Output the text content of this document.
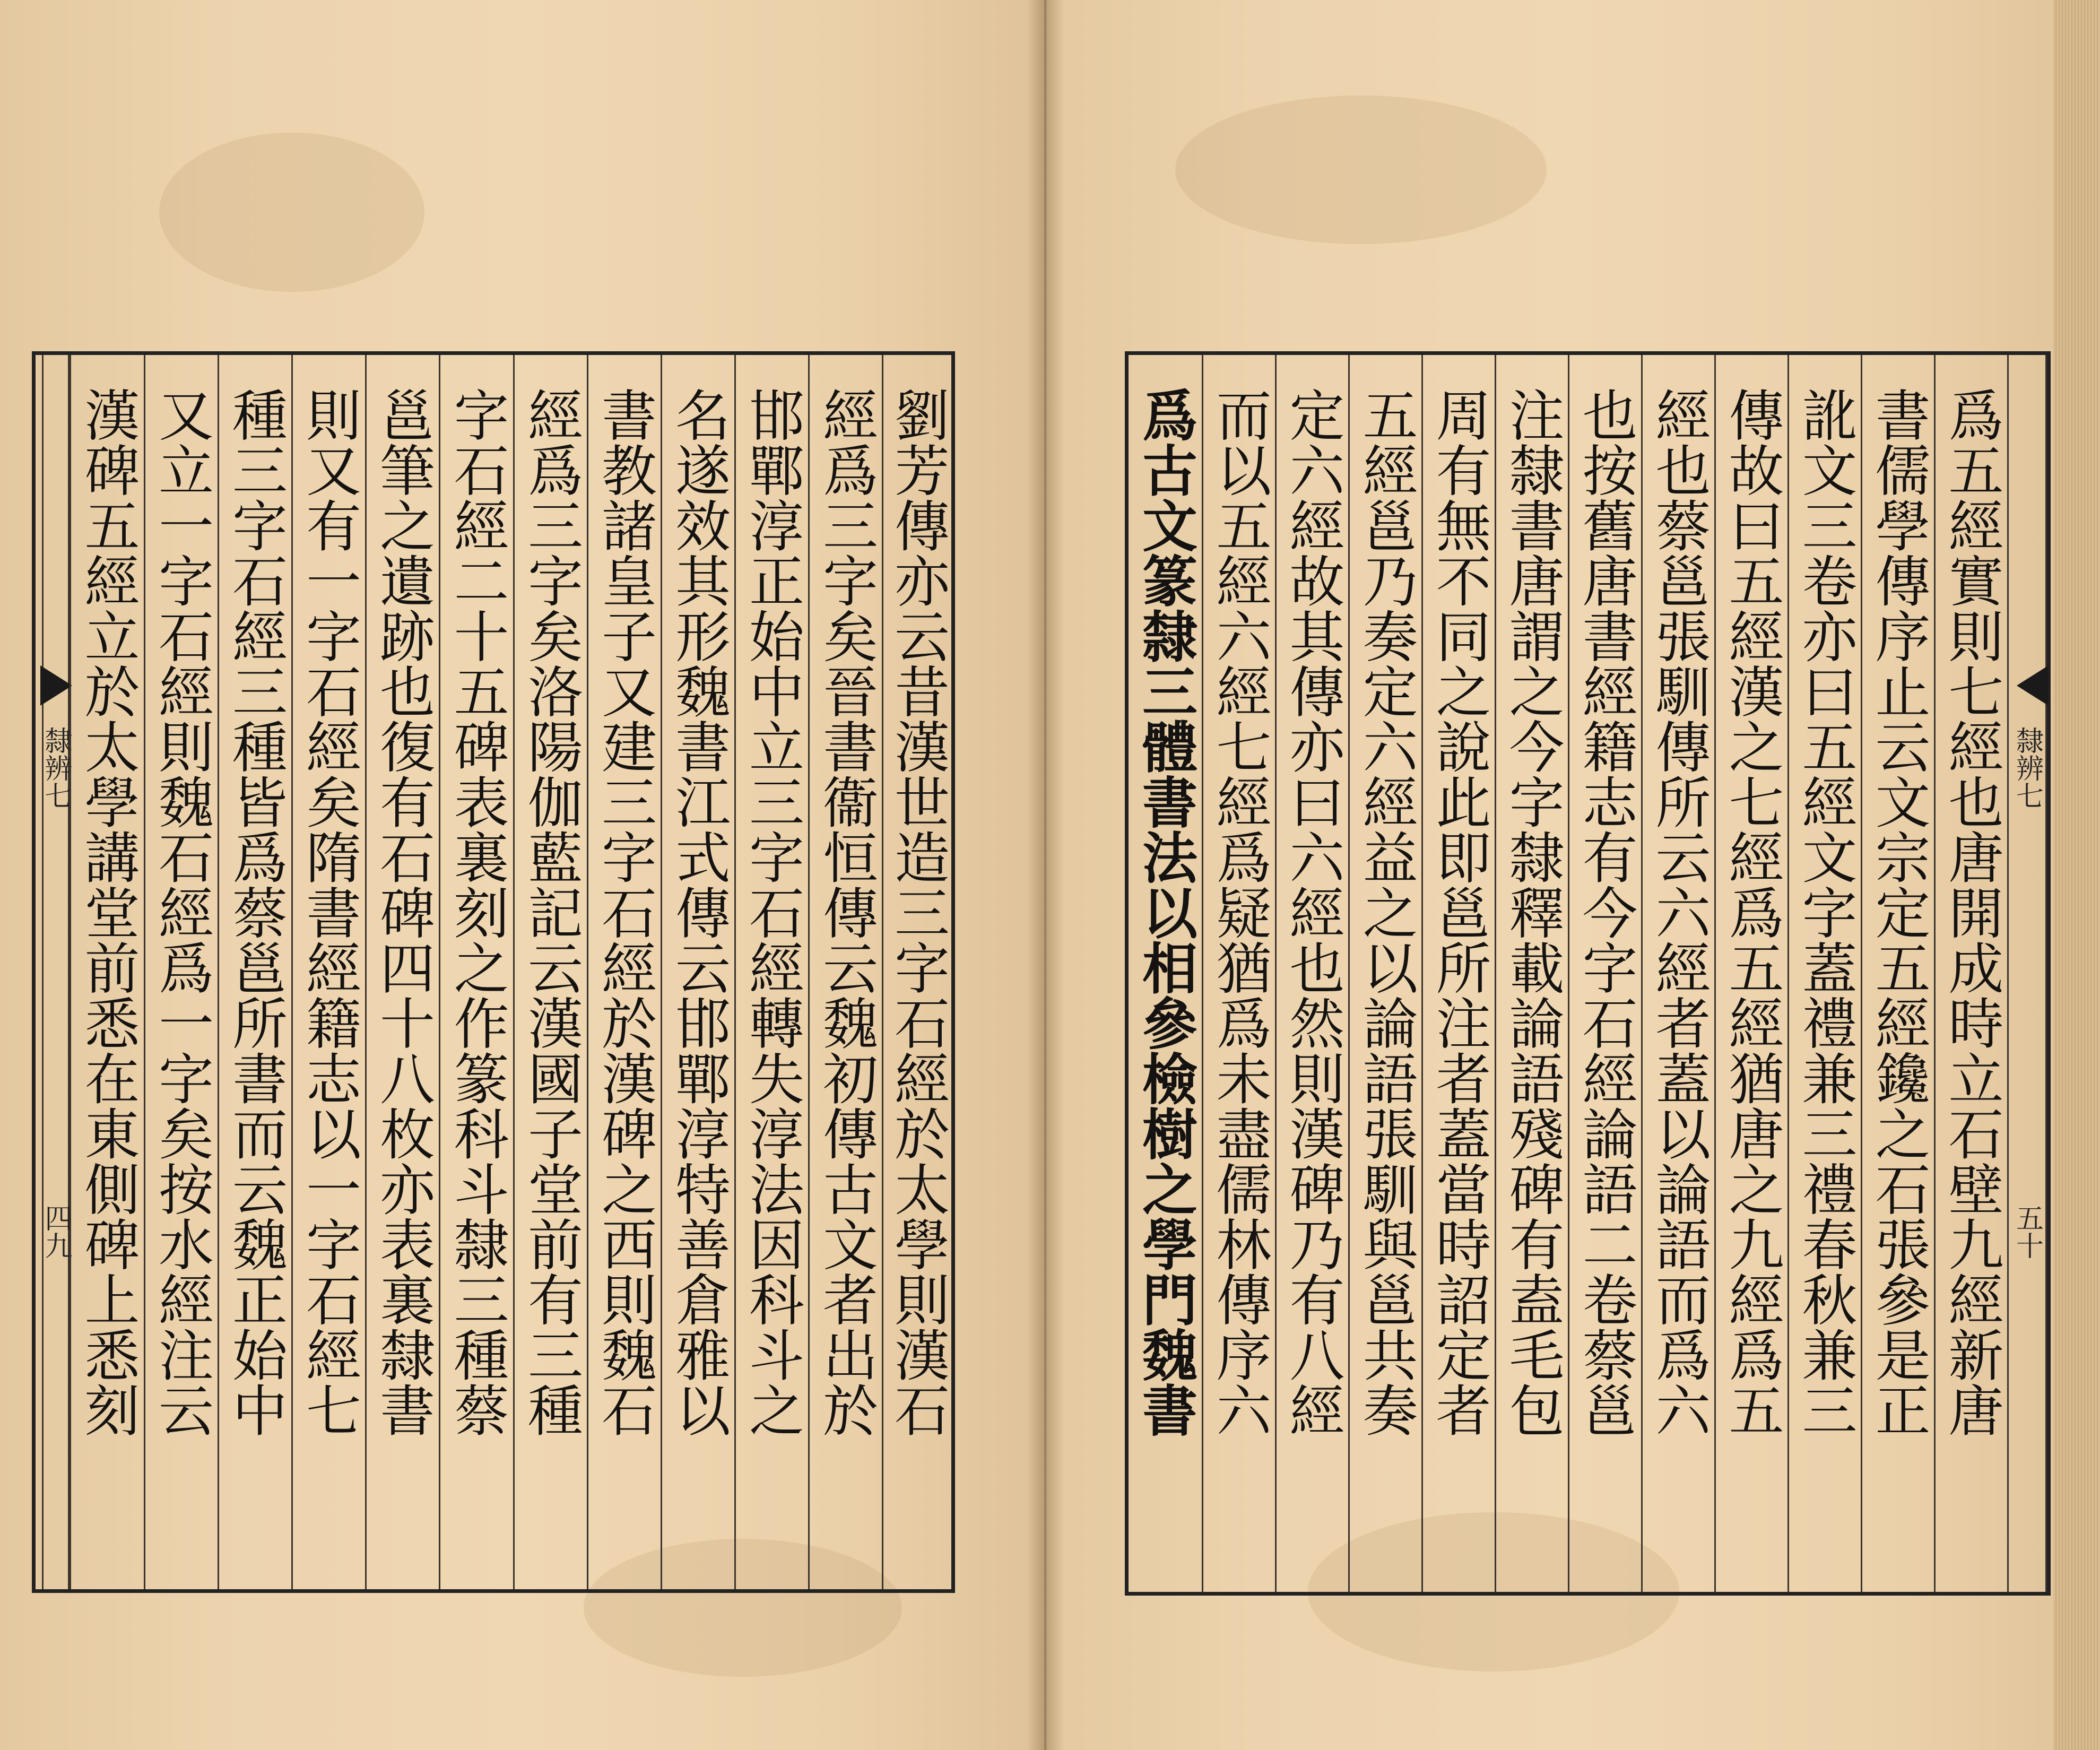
隸辨七
四九 漢碑五經立於太學講堂前悉在東側碑上悉刻 又立一字石經則魏石經爲一字矣按水經注云 種三字石經三種皆爲蔡邕所書而云魏正始中 則又有一字石經矣隋書經籍志以一字石經七 邕筆之遺跡也復有石碑四十八枚亦表裏隸書 字石經二十五碑表裏刻之作篆科斗隸三種蔡 經爲三字矣洛陽伽藍記云漢國子堂前有三種 書教諸皇子又建三字石經於漢碑之西則魏石 名遂效其形魏書江式傳云邯鄲淳特善倉雅以 邯鄲淳正始中立三字石經轉失淳法因科斗之 經爲三字矣晉書衞恒傳云魏初傳古文者出於 劉芳傳亦云昔漢世造三字石經於太學則漢石	爲古文篆隸三體書法以相參檢樹之學門魏書 而以五經六經七經爲疑猶爲未盡儒林傳序六 定六經故其傳亦曰六經也然則漢碑乃有八經 五經邕乃奏定六經益之以論語張馴與邕共奏 周有無不同之說此即邕所注者蓋當時詔定者 注隸書唐謂之今字隸釋載論語殘碑有盍毛包 也按舊唐書經籍志有今字石經論語二卷蔡邕 經也蔡邕張馴傳所云六經者蓋以論語而爲六 傳故曰五經漢之七經爲五經猶唐之九經爲五 訛文三卷亦曰五經文字蓋禮兼三禮春秋兼三 書儒學傳序止云文宗定五經鑱之石張參是正 爲五經實則七經也唐開成時立石壁九經新唐 隸辨七
五十
